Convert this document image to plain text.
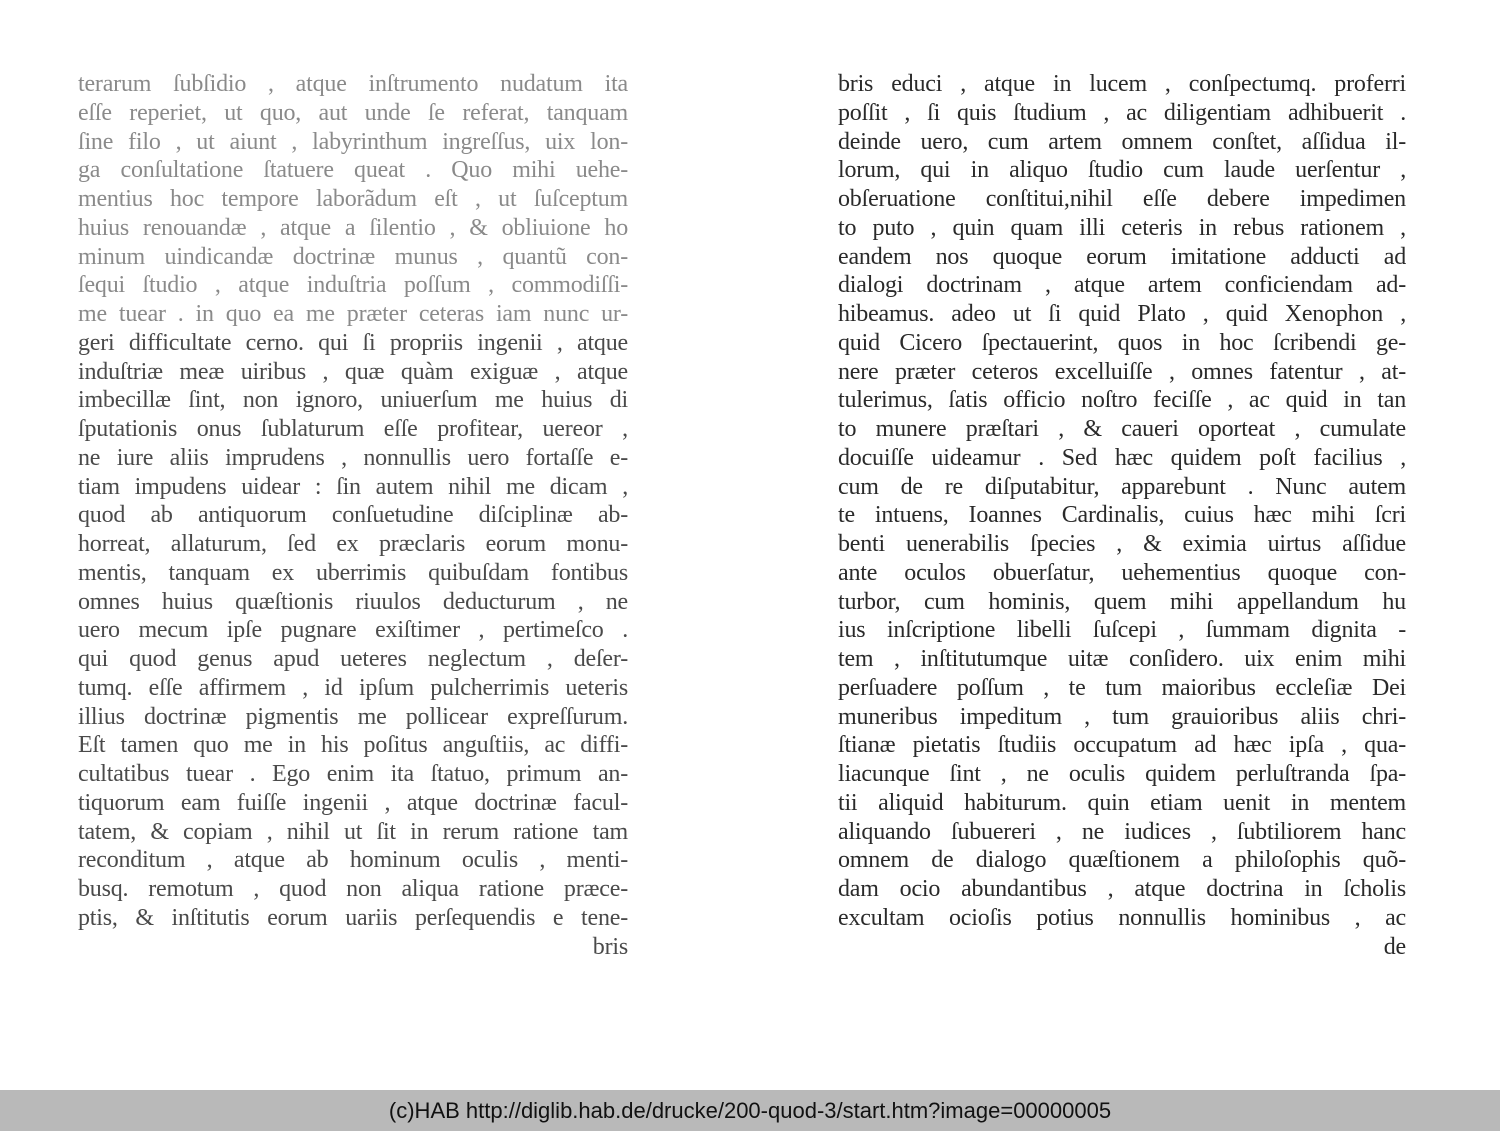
terarum ſubſidio , atque inſtrumento nudatum ita
eſſe reperiet, ut quo, aut unde ſe referat, tanquam
ſine filo , ut aiunt , labyrinthum ingreſſus, uix lon-
ga conſultatione ſtatuere queat . Quo mihi uehe-
mentius hoc tempore laborãdum eſt , ut ſuſceptum
huius renouandæ , atque a ſilentio , & obliuione ho
minum uindicandæ doctrinæ munus , quantũ con-
ſequi ſtudio , atque induſtria poſſum , commodiſſi-
me tuear . in quo ea me præter ceteras iam nunc ur-
geri difficultate cerno. qui ſi propriis ingenii , atque
induſtriæ meæ uiribus , quæ quàm exiguæ , atque
imbecillæ ſint, non ignoro, uniuerſum me huius di
ſputationis onus ſublaturum eſſe profitear, uereor ,
ne iure aliis imprudens , nonnullis uero fortaſſe e-
tiam impudens uidear : ſin autem nihil me dicam ,
quod ab antiquorum conſuetudine diſciplinæ ab-
horreat, allaturum, ſed ex præclaris eorum monu-
mentis, tanquam ex uberrimis quibuſdam fontibus
omnes huius quæſtionis riuulos deducturum , ne
uero mecum ipſe pugnare exiſtimer , pertimeſco .
qui quod genus apud ueteres neglectum , deſer-
tumq. eſſe affirmem , id ipſum pulcherrimis ueteris
illius doctrinæ pigmentis me pollicear expreſſurum.
Eſt tamen quo me in his poſitus anguſtiis, ac diffi-
cultatibus tuear . Ego enim ita ſtatuo, primum an-
tiquorum eam fuiſſe ingenii , atque doctrinæ facul-
tatem, & copiam , nihil ut ſit in rerum ratione tam
reconditum , atque ab hominum oculis , menti-
busq. remotum , quod non aliqua ratione præce-
ptis, & inſtitutis eorum uariis perſequendis e tene-
bris
bris educi , atque in lucem , conſpectumq. proferri
poſſit , ſi quis ſtudium , ac diligentiam adhibuerit .
deinde uero, cum artem omnem conſtet, aſſidua il-
lorum, qui in aliquo ſtudio cum laude uerſentur ,
obſeruatione conſtitui,nihil eſſe debere impedimen
to puto , quin quam illi ceteris in rebus rationem ,
eandem nos quoque eorum imitatione adducti ad
dialogi doctrinam , atque artem conficiendam ad-
hibeamus. adeo ut ſi quid Plato , quid Xenophon ,
quid Cicero ſpectauerint, quos in hoc ſcribendi ge-
nere præter ceteros excelluiſſe , omnes fatentur , at-
tulerimus, ſatis officio noſtro feciſſe , ac quid in tan
to munere præſtari , & caueri oporteat , cumulate
docuiſſe uideamur . Sed hæc quidem poſt facilius ,
cum de re diſputabitur, apparebunt . Nunc autem
te intuens, Ioannes Cardinalis, cuius hæc mihi ſcri
benti uenerabilis ſpecies , & eximia uirtus aſſidue
ante oculos obuerſatur, uehementius quoque con-
turbor, cum hominis, quem mihi appellandum hu
ius inſcriptione libelli ſuſcepi , ſummam dignita -
tem , inſtitutumque uitæ conſidero. uix enim mihi
perſuadere poſſum , te tum maioribus eccleſiæ Dei
muneribus impeditum , tum grauioribus aliis chri-
ſtianæ pietatis ſtudiis occupatum ad hæc ipſa , qua-
liacunque ſint , ne oculis quidem perluſtranda ſpa-
tii aliquid habiturum. quin etiam uenit in mentem
aliquando ſubuereri , ne iudices , ſubtiliorem hanc
omnem de dialogo quæſtionem a philoſophis quõ-
dam ocio abundantibus , atque doctrina in ſcholis
excultam ocioſis potius nonnullis hominibus , ac
de
(c)HAB http://diglib.hab.de/drucke/200-quod-3/start.htm?image=00000005
